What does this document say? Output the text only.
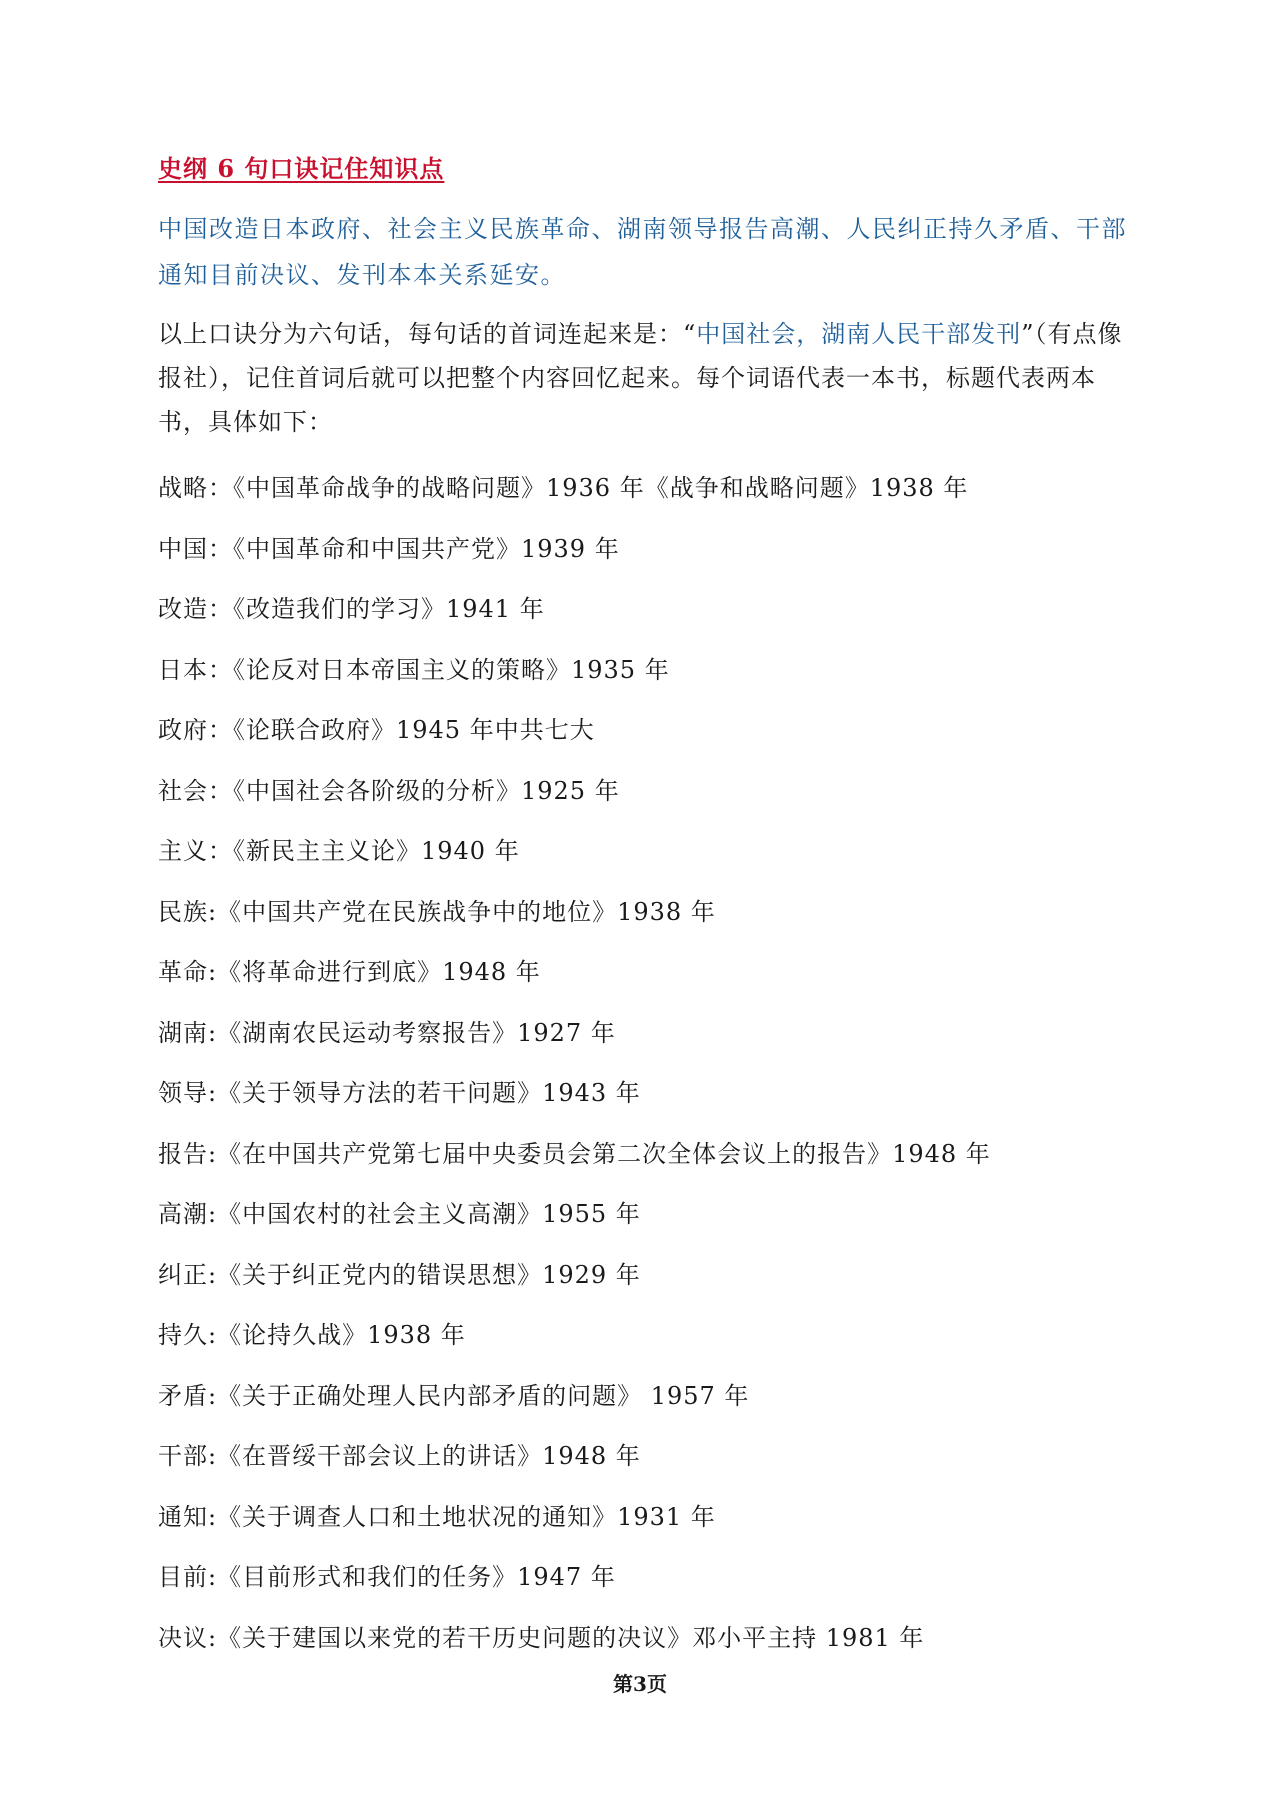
史纲 6 句口诀记住知识点

中国改造日本政府、社会主义民族革命、湖南领导报告高潮、人民纠正持久矛盾、干部通知目前决议、发刊本本关系延安。

以上口诀分为六句话，每句话的首词连起来是：“中国社会，湖南人民干部发刊”（有点像报社），记住首词后就可以把整个内容回忆起来。每个词语代表一本书，标题代表两本书，具体如下：

战略：《中国革命战争的战略问题》1936 年《战争和战略问题》1938 年
中国：《中国革命和中国共产党》1939 年
改造：《改造我们的学习》1941 年
日本：《论反对日本帝国主义的策略》1935 年
政府：《论联合政府》1945 年中共七大
社会：《中国社会各阶级的分析》1925 年
主义：《新民主主义论》1940 年
民族:《中国共产党在民族战争中的地位》1938 年
革命:《将革命进行到底》1948 年
湖南:《湖南农民运动考察报告》1927 年
领导:《关于领导方法的若干问题》1943 年
报告:《在中国共产党第七届中央委员会第二次全体会议上的报告》1948 年
高潮:《中国农村的社会主义高潮》1955 年
纠正:《关于纠正党内的错误思想》1929 年
持久:《论持久战》1938 年
矛盾:《关于正确处理人民内部矛盾的问题》 1957 年
干部:《在晋绥干部会议上的讲话》1948 年
通知:《关于调查人口和土地状况的通知》1931 年
目前:《目前形式和我们的任务》1947 年
决议:《关于建国以来党的若干历史问题的决议》邓小平主持 1981 年
第3页
